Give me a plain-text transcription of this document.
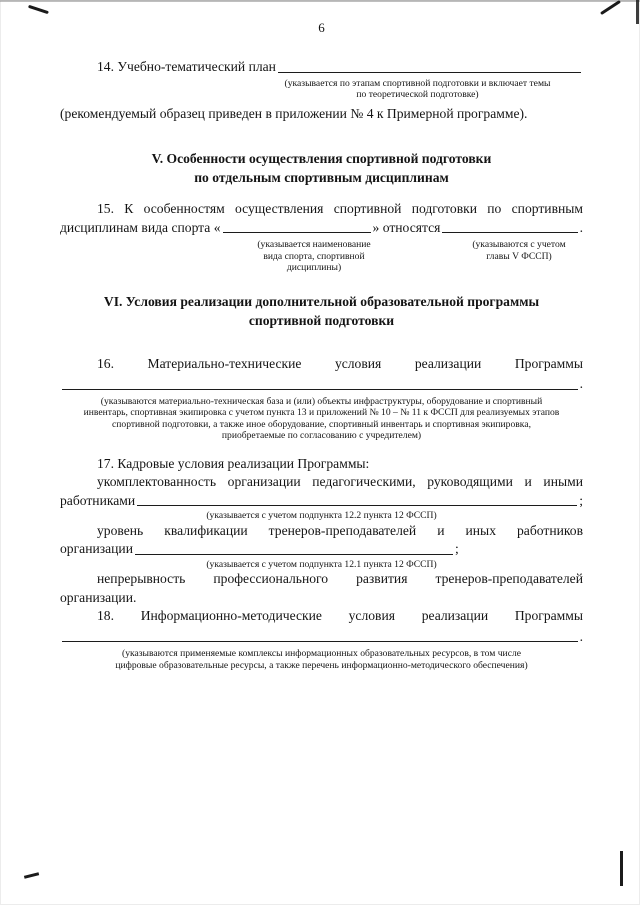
6
14. Учебно-тематический план
(указывается по этапам спортивной подготовки и включает темы
по теоретической подготовке)
(рекомендуемый образец приведен в приложении № 4 к Примерной программе).
V. Особенности осуществления спортивной подготовки
по отдельным спортивным дисциплинам
15. К особенностям осуществления спортивной подготовки по спортивным
дисциплинам вида спорта «	» относятся	.
(указывается наименование
вида спорта, спортивной
дисциплины)
(указываются с учетом
главы V ФССП)
VI. Условия реализации дополнительной образовательной программы
спортивной подготовки
16. Материально-технические условия реализации Программы
.
(указываются материально-техническая база и (или) объекты инфраструктуры, оборудование и спортивный
инвентарь, спортивная экипировка с учетом пункта 13 и приложений № 10 – № 11 к ФССП для реализуемых этапов
спортивной подготовки, а также иное оборудование, спортивный инвентарь и спортивная экипировка,
приобретаемые по согласованию с учредителем)
17. Кадровые условия реализации Программы:
укомплектованность организации педагогическими, руководящими и иными
работниками	;
(указывается с учетом подпункта 12.2 пункта 12 ФССП)
уровень квалификации тренеров-преподавателей и иных работников
организации	;
(указывается с учетом подпункта 12.1 пункта 12 ФССП)
непрерывность профессионального развития тренеров-преподавателей
организации.
18. Информационно-методические условия реализации Программы
.
(указываются применяемые комплексы информационных образовательных ресурсов, в том числе
цифровые образовательные ресурсы, а также перечень информационно-методического обеспечения)
